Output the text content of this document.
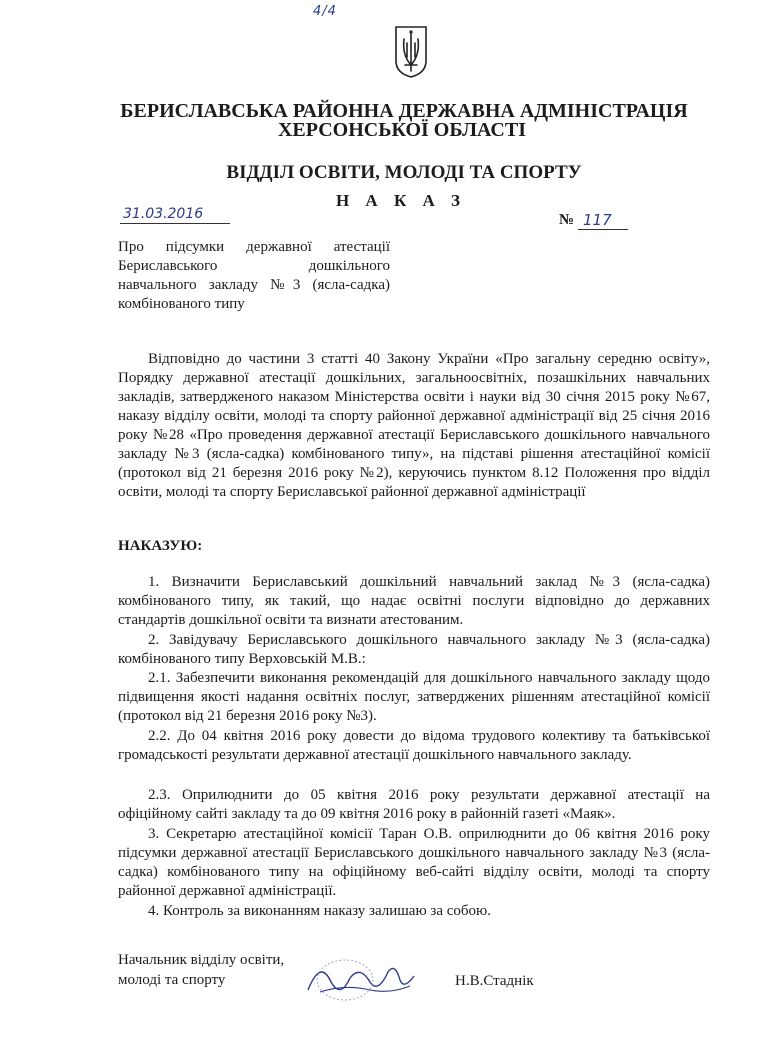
4/4
БЕРИСЛАВСЬКА РАЙОННА ДЕРЖАВНА АДМІНІСТРАЦІЯ
ХЕРСОНСЬКОЇ ОБЛАСТІ
ВІДДІЛ ОСВІТИ, МОЛОДІ ТА СПОРТУ
Н А К А З
31.03.2016	№ 117
Про підсумки державної атестації
Бериславського дошкільного
навчального закладу №3 (ясла-садка)
комбінованого типу
Відповідно до частини 3 статті 40 Закону України «Про загальну середню освіту», Порядку державної атестації дошкільних, загальноосвітніх, позашкільних навчальних закладів, затвердженого наказом Міністерства освіти і науки від 30 січня 2015 року №67, наказу відділу освіти, молоді та спорту районної державної адміністрації від 25 січня 2016 року №28 «Про проведення державної атестації Бериславського дошкільного навчального закладу №3 (ясла-садка) комбінованого типу», на підставі рішення атестаційної комісії (протокол від 21 березня 2016 року №2), керуючись пунктом 8.12 Положення про відділ освіти, молоді та спорту Бериславської районної державної адміністрації
НАКАЗУЮ:
1. Визначити Бериславський дошкільний навчальний заклад №3 (ясла-садка) комбінованого типу, як такий, що надає освітні послуги відповідно до державних стандартів дошкільної освіти та визнати атестованим.
2. Завідувачу Бериславського дошкільного навчального закладу №3 (ясла-садка) комбінованого типу Верховській М.В.:
2.1. Забезпечити виконання рекомендацій для дошкільного навчального закладу щодо підвищення якості надання освітніх послуг, затверджених рішенням атестаційної комісії (протокол від 21 березня 2016 року №3).
2.2. До 04 квітня 2016 року довести до відома трудового колективу та батьківської громадськості результати державної атестації дошкільного навчального закладу.
2.3. Оприлюднити до 05 квітня 2016 року результати державної атестації на офіційному сайті закладу та до 09 квітня 2016 року в районній газеті «Маяк».
3. Секретарю атестаційної комісії Таран О.В. оприлюднити до 06 квітня 2016 року підсумки державної атестації Бериславського дошкільного навчального закладу №3 (ясла-садка) комбінованого типу на офіційному веб-сайті відділу освіти, молоді та спорту районної державної адміністрації.
4. Контроль за виконанням наказу залишаю за собою.
Начальник відділу освіти,
молоді та спорту	Н.В.Стаднік
